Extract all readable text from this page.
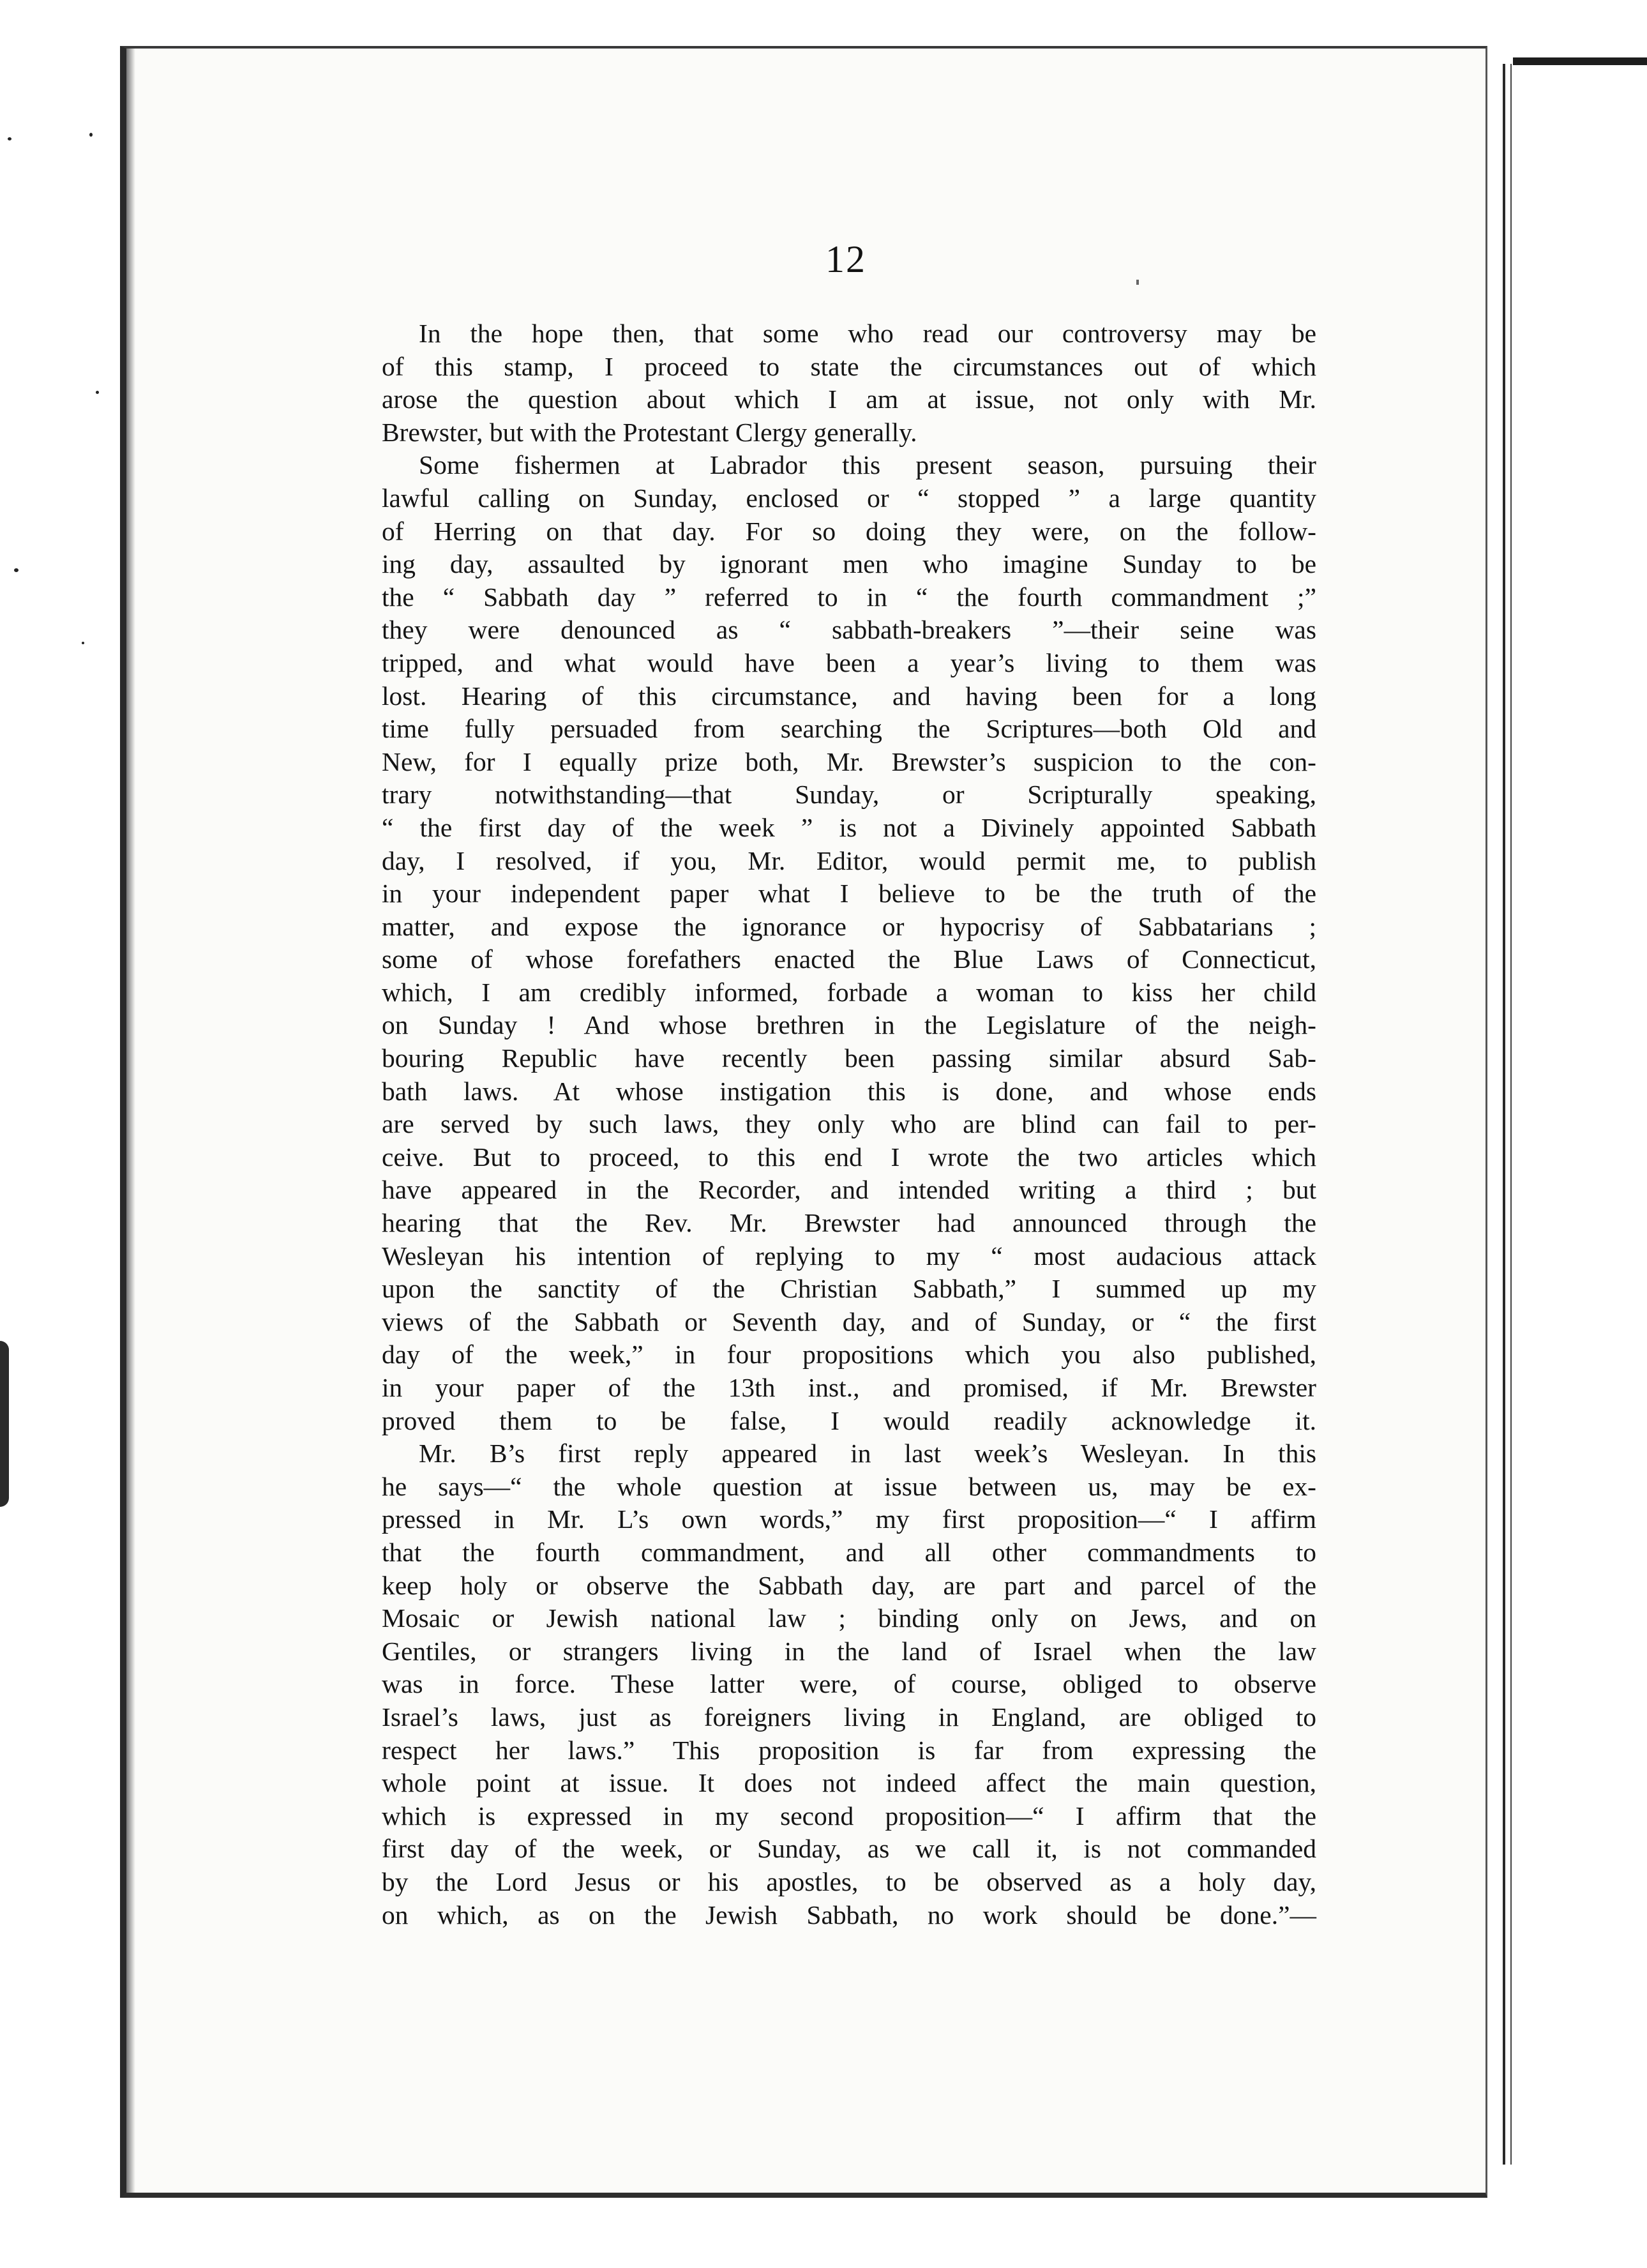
12
In the hope then, that some who read our controversy may be
of this stamp, I proceed to state the circumstances out of which
arose the question about which I am at issue, not only with Mr.
Brewster, but with the Protestant Clergy generally.
Some fishermen at Labrador this present season, pursuing their
lawful calling on Sunday, enclosed or “ stopped ” a large quantity
of Herring on that day. For so doing they were, on the follow-
ing day, assaulted by ignorant men who imagine Sunday to be
the “ Sabbath day ” referred to in “ the fourth commandment ;”
they were denounced as “ sabbath-breakers ”—their seine was
tripped, and what would have been a year’s living to them was
lost. Hearing of this circumstance, and having been for a long
time fully persuaded from searching the Scriptures—both Old and
New, for I equally prize both, Mr. Brewster’s suspicion to the con-
trary notwithstanding—that Sunday, or Scripturally speaking,
“ the first day of the week ” is not a Divinely appointed Sabbath
day, I resolved, if you, Mr. Editor, would permit me, to publish
in your independent paper what I believe to be the truth of the
matter, and expose the ignorance or hypocrisy of Sabbatarians ;
some of whose forefathers enacted the Blue Laws of Connecticut,
which, I am credibly informed, forbade a woman to kiss her child
on Sunday ! And whose brethren in the Legislature of the neigh-
bouring Republic have recently been passing similar absurd Sab-
bath laws. At whose instigation this is done, and whose ends
are served by such laws, they only who are blind can fail to per-
ceive. But to proceed, to this end I wrote the two articles which
have appeared in the Recorder, and intended writing a third ; but
hearing that the Rev. Mr. Brewster had announced through the
Wesleyan his intention of replying to my “ most audacious attack
upon the sanctity of the Christian Sabbath,” I summed up my
views of the Sabbath or Seventh day, and of Sunday, or “ the first
day of the week,” in four propositions which you also published,
in your paper of the 13th inst., and promised, if Mr. Brewster
proved them to be false, I would readily acknowledge it.
Mr. B’s first reply appeared in last week’s Wesleyan. In this
he says—“ the whole question at issue between us, may be ex-
pressed in Mr. L’s own words,” my first proposition—“ I affirm
that the fourth commandment, and all other commandments to
keep holy or observe the Sabbath day, are part and parcel of the
Mosaic or Jewish national law ; binding only on Jews, and on
Gentiles, or strangers living in the land of Israel when the law
was in force. These latter were, of course, obliged to observe
Israel’s laws, just as foreigners living in England, are obliged to
respect her laws.” This proposition is far from expressing the
whole point at issue. It does not indeed affect the main question,
which is expressed in my second proposition—“ I affirm that the
first day of the week, or Sunday, as we call it, is not commanded
by the Lord Jesus or his apostles, to be observed as a holy day,
on which, as on the Jewish Sabbath, no work should be done.”—
